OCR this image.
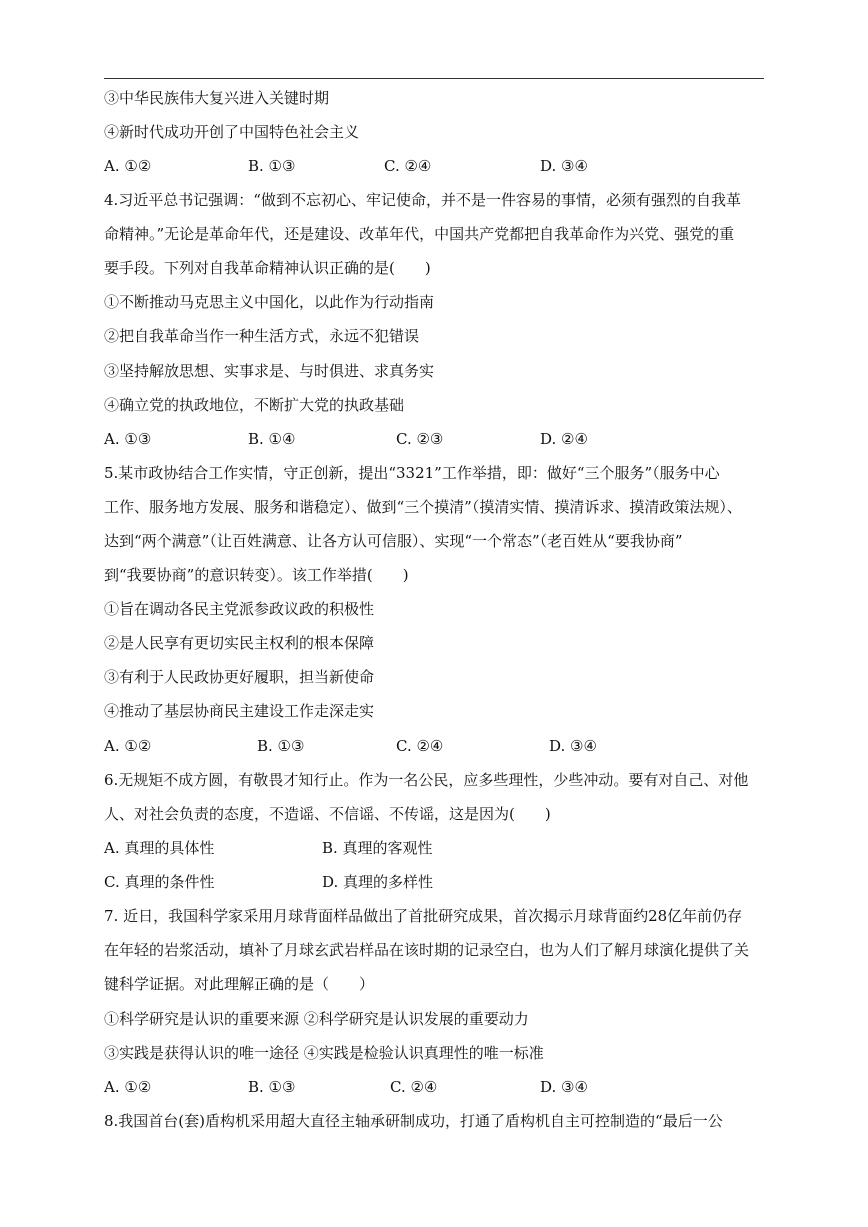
③中华民族伟大复兴进入关键时期
④新时代成功开创了中国特色社会主义
A. ①②	B. ①③	C. ②④	D. ③④
4.习近平总书记强调：“做到不忘初心、牢记使命，并不是一件容易的事情，必须有强烈的自我革
命精神。”无论是革命年代，还是建设、改革年代，中国共产党都把自我革命作为兴党、强党的重
要手段。下列对自我革命精神认识正确的是(　　)
①不断推动马克思主义中国化，以此作为行动指南
②把自我革命当作一种生活方式，永远不犯错误
③坚持解放思想、实事求是、与时俱进、求真务实
④确立党的执政地位，不断扩大党的执政基础
A. ①③	B. ①④	C. ②③	D. ②④
5.某市政协结合工作实情，守正创新，提出“3321”工作举措，即：做好“三个服务”（服务中心
工作、服务地方发展、服务和谐稳定）、做到“三个摸清”（摸清实情、摸清诉求、摸清政策法规）、
达到“两个满意”（让百姓满意、让各方认可信服）、实现“一个常态”（老百姓从“要我协商”
到“我要协商”的意识转变）。该工作举措(　　)
①旨在调动各民主党派参政议政的积极性
②是人民享有更切实民主权利的根本保障
③有利于人民政协更好履职，担当新使命
④推动了基层协商民主建设工作走深走实
A. ①②	B. ①③	C. ②④	D. ③④
6.无规矩不成方圆，有敬畏才知行止。作为一名公民，应多些理性，少些冲动。要有对自己、对他
人、对社会负责的态度，不造谣、不信谣、不传谣，这是因为(　　)
A. 真理的具体性	B. 真理的客观性
C. 真理的条件性	D. 真理的多样性
7. 近日，我国科学家采用月球背面样品做出了首批研究成果，首次揭示月球背面约28亿年前仍存
在年轻的岩浆活动，填补了月球玄武岩样品在该时期的记录空白，也为人们了解月球演化提供了关
键科学证据。对此理解正确的是（　　）
①科学研究是认识的重要来源 ②科学研究是认识发展的重要动力
③实践是获得认识的唯一途径 ④实践是检验认识真理性的唯一标准
A. ①②	B. ①③	C. ②④	D. ③④
8.我国首台(套)盾构机采用超大直径主轴承研制成功，打通了盾构机自主可控制造的“最后一公
